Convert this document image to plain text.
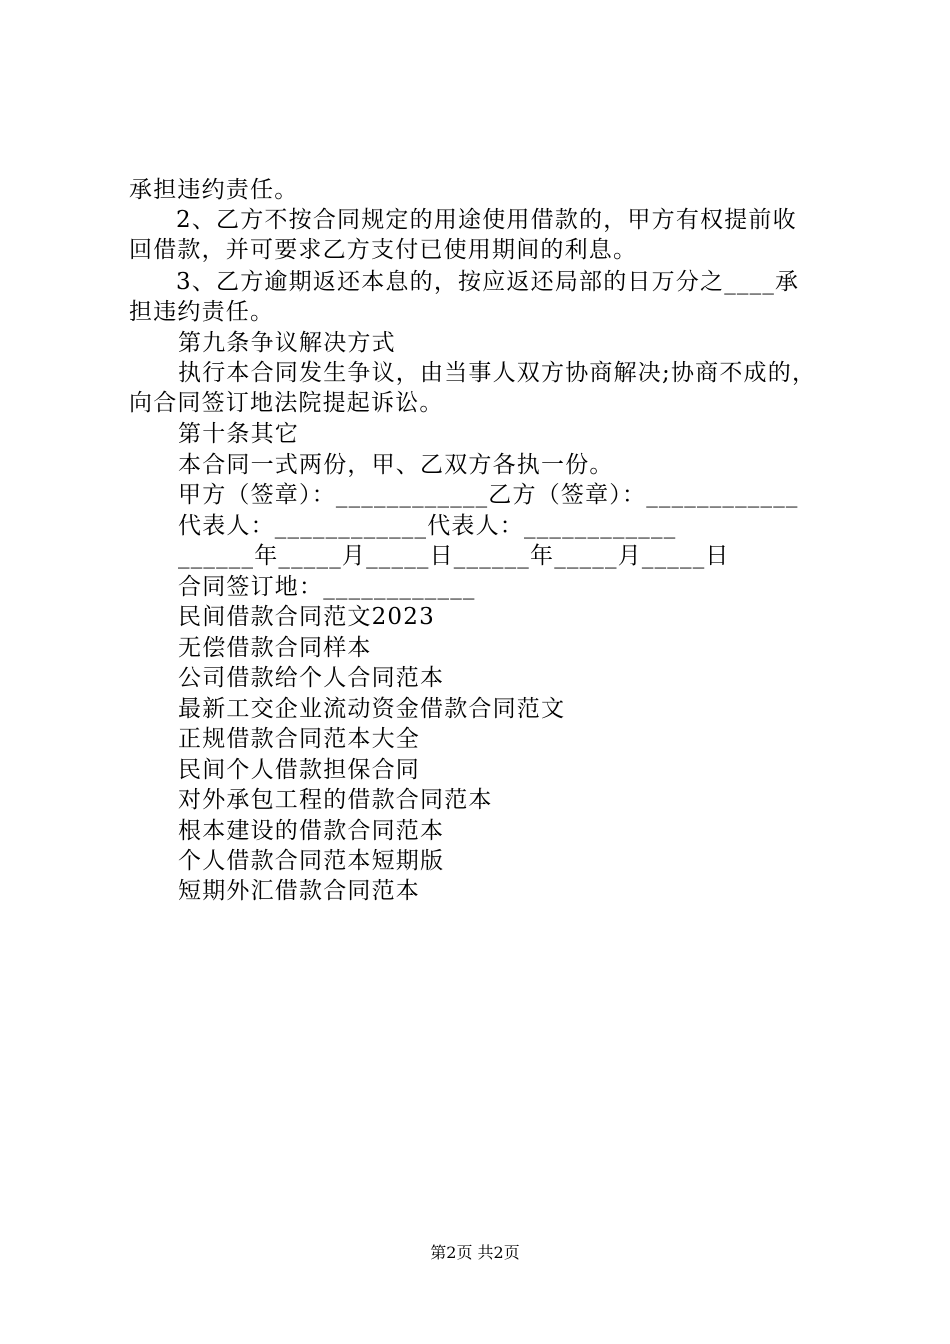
承担违约责任。
2、乙方不按合同规定的用途使用借款的，甲方有权提前收
回借款，并可要求乙方支付已使用期间的利息。
3、乙方逾期返还本息的，按应返还局部的日万分之____承
担违约责任。
第九条争议解决方式
执行本合同发生争议，由当事人双方协商解决;协商不成的，
向合同签订地法院提起诉讼。
第十条其它
本合同一式两份，甲、乙双方各执一份。
甲方（签章）：____________乙方（签章）：____________
代表人：____________代表人：____________
______年_____月_____日______年_____月_____日
合同签订地：____________
民间借款合同范文2023
无偿借款合同样本
公司借款给个人合同范本
最新工交企业流动资金借款合同范文
正规借款合同范本大全
民间个人借款担保合同
对外承包工程的借款合同范本
根本建设的借款合同范本
个人借款合同范本短期版
短期外汇借款合同范本
第2页 共2页
